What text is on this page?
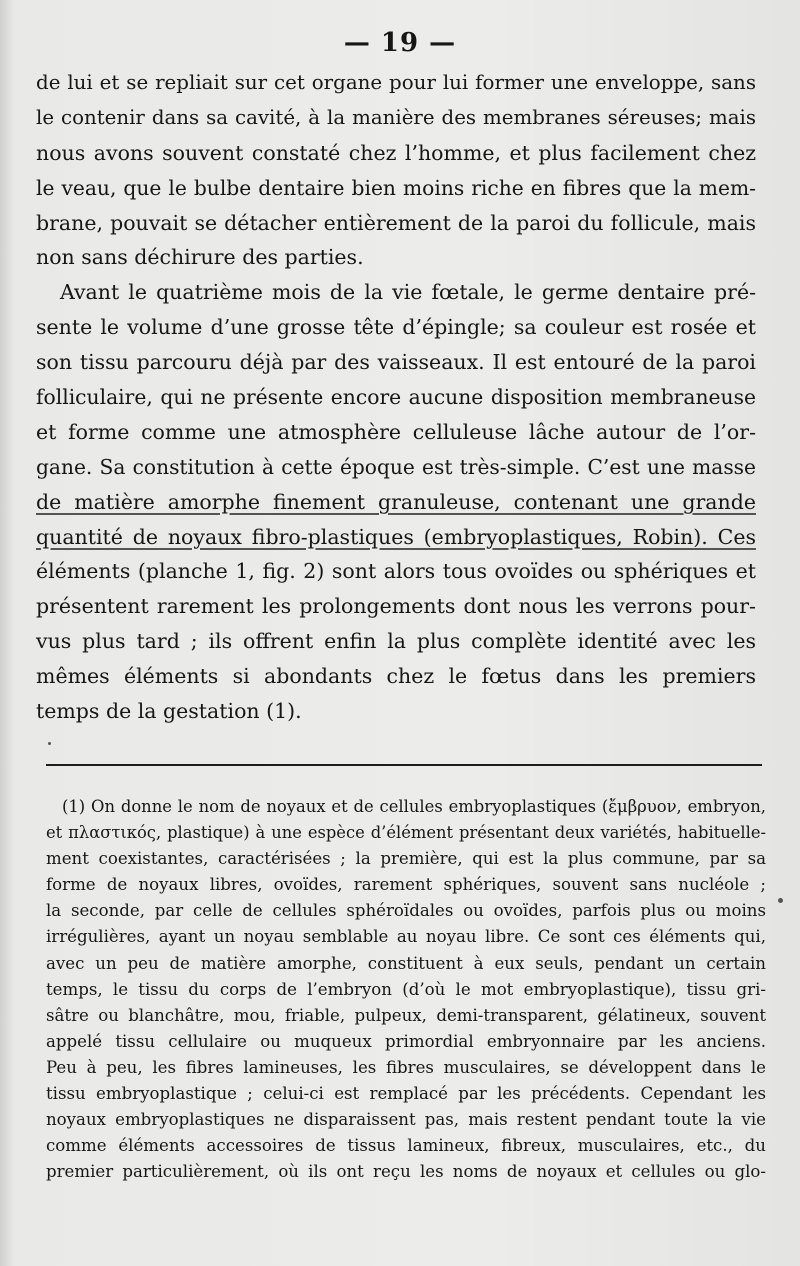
— 19 —
de lui et se repliait sur cet organe pour lui former une enveloppe, sans
le contenir dans sa cavité, à la manière des membranes séreuses; mais
nous avons souvent constaté chez l’homme, et plus facilement chez
le veau, que le bulbe dentaire bien moins riche en fibres que la mem-
brane, pouvait se détacher entièrement de la paroi du follicule, mais
non sans déchirure des parties.
Avant le quatrième mois de la vie fœtale, le germe dentaire pré-
sente le volume d’une grosse tête d’épingle; sa couleur est rosée et
son tissu parcouru déjà par des vaisseaux. Il est entouré de la paroi
folliculaire, qui ne présente encore aucune disposition membraneuse
et forme comme une atmosphère celluleuse lâche autour de l’or-
gane. Sa constitution à cette époque est très-simple. C’est une masse
de matière amorphe finement granuleuse, contenant une grande
quantité de noyaux fibro-plastiques (embryoplastiques, Robin). Ces
éléments (planche 1, fig. 2) sont alors tous ovoïdes ou sphériques et
présentent rarement les prolongements dont nous les verrons pour-
vus plus tard ; ils offrent enfin la plus complète identité avec les
mêmes éléments si abondants chez le fœtus dans les premiers
temps de la gestation (1).
(1) On donne le nom de noyaux et de cellules embryoplastiques (ἔμβρυον, embryon,
et πλαστικός, plastique) à une espèce d’élément présentant deux variétés, habituelle-
ment coexistantes, caractérisées ; la première, qui est la plus commune, par sa
forme de noyaux libres, ovoïdes, rarement sphériques, souvent sans nucléole ;
la seconde, par celle de cellules sphéroïdales ou ovoïdes, parfois plus ou moins
irrégulières, ayant un noyau semblable au noyau libre. Ce sont ces éléments qui,
avec un peu de matière amorphe, constituent à eux seuls, pendant un certain
temps, le tissu du corps de l’embryon (d’où le mot embryoplastique), tissu gri-
sâtre ou blanchâtre, mou, friable, pulpeux, demi-transparent, gélatineux, souvent
appelé tissu cellulaire ou muqueux primordial embryonnaire par les anciens.
Peu à peu, les fibres lamineuses, les fibres musculaires, se développent dans le
tissu embryoplastique ; celui-ci est remplacé par les précédents. Cependant les
noyaux embryoplastiques ne disparaissent pas, mais restent pendant toute la vie
comme éléments accessoires de tissus lamineux, fibreux, musculaires, etc., du
premier particulièrement, où ils ont reçu les noms de noyaux et cellules ou glo-
